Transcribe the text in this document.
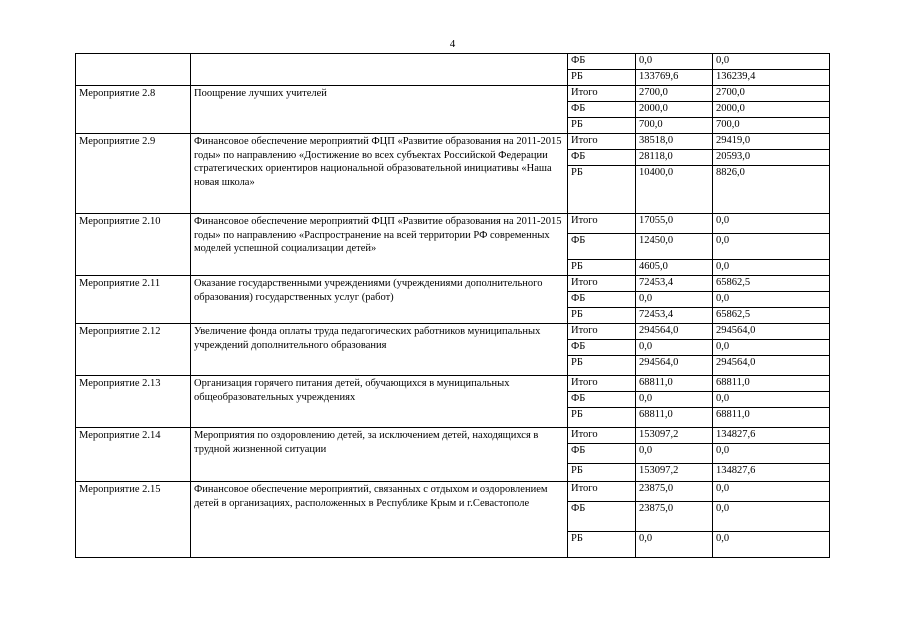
4
		ФБ	0,0	0,0
		РБ	133769,6	136239,4
Мероприятие 2.8	Поощрение лучших учителей	Итого	2700,0	2700,0
		ФБ	2000,0	2000,0
		РБ	700,0	700,0
Мероприятие 2.9	Финансовое обеспечение мероприятий ФЦП «Развитие образования на 2011-2015 годы» по направлению «Достижение во всех субъектах Российской Федерации стратегических ориентиров национальной образовательной инициативы «Наша новая школа»	Итого	38518,0	29419,0
		ФБ	28118,0	20593,0
		РБ	10400,0	8826,0
Мероприятие 2.10	Финансовое обеспечение мероприятий ФЦП «Развитие образования на 2011-2015 годы» по направлению «Распространение на всей территории РФ современных моделей успешной социализации детей»	Итого	17055,0	0,0
		ФБ	12450,0	0,0
		РБ	4605,0	0,0
Мероприятие 2.11	Оказание государственными учреждениями (учреждениями дополнительного образования) государственных услуг (работ)	Итого	72453,4	65862,5
		ФБ	0,0	0,0
		РБ	72453,4	65862,5
Мероприятие 2.12	Увеличение фонда оплаты труда педагогических работников муниципальных учреждений дополнительного образования	Итого	294564,0	294564,0
		ФБ	0,0	0,0
		РБ	294564,0	294564,0
Мероприятие 2.13	Организация горячего питания детей, обучающихся в муниципальных общеобразовательных учреждениях	Итого	68811,0	68811,0
		ФБ	0,0	0,0
		РБ	68811,0	68811,0
Мероприятие 2.14	Мероприятия по оздоровлению детей, за исключением детей, находящихся в трудной жизненной ситуации	Итого	153097,2	134827,6
		ФБ	0,0	0,0
		РБ	153097,2	134827,6
Мероприятие 2.15	Финансовое обеспечение мероприятий, связанных с отдыхом и оздоровлением детей в организациях, расположенных в Республике Крым и г.Севастополе	Итого	23875,0	0,0
		ФБ	23875,0	0,0
		РБ	0,0	0,0
